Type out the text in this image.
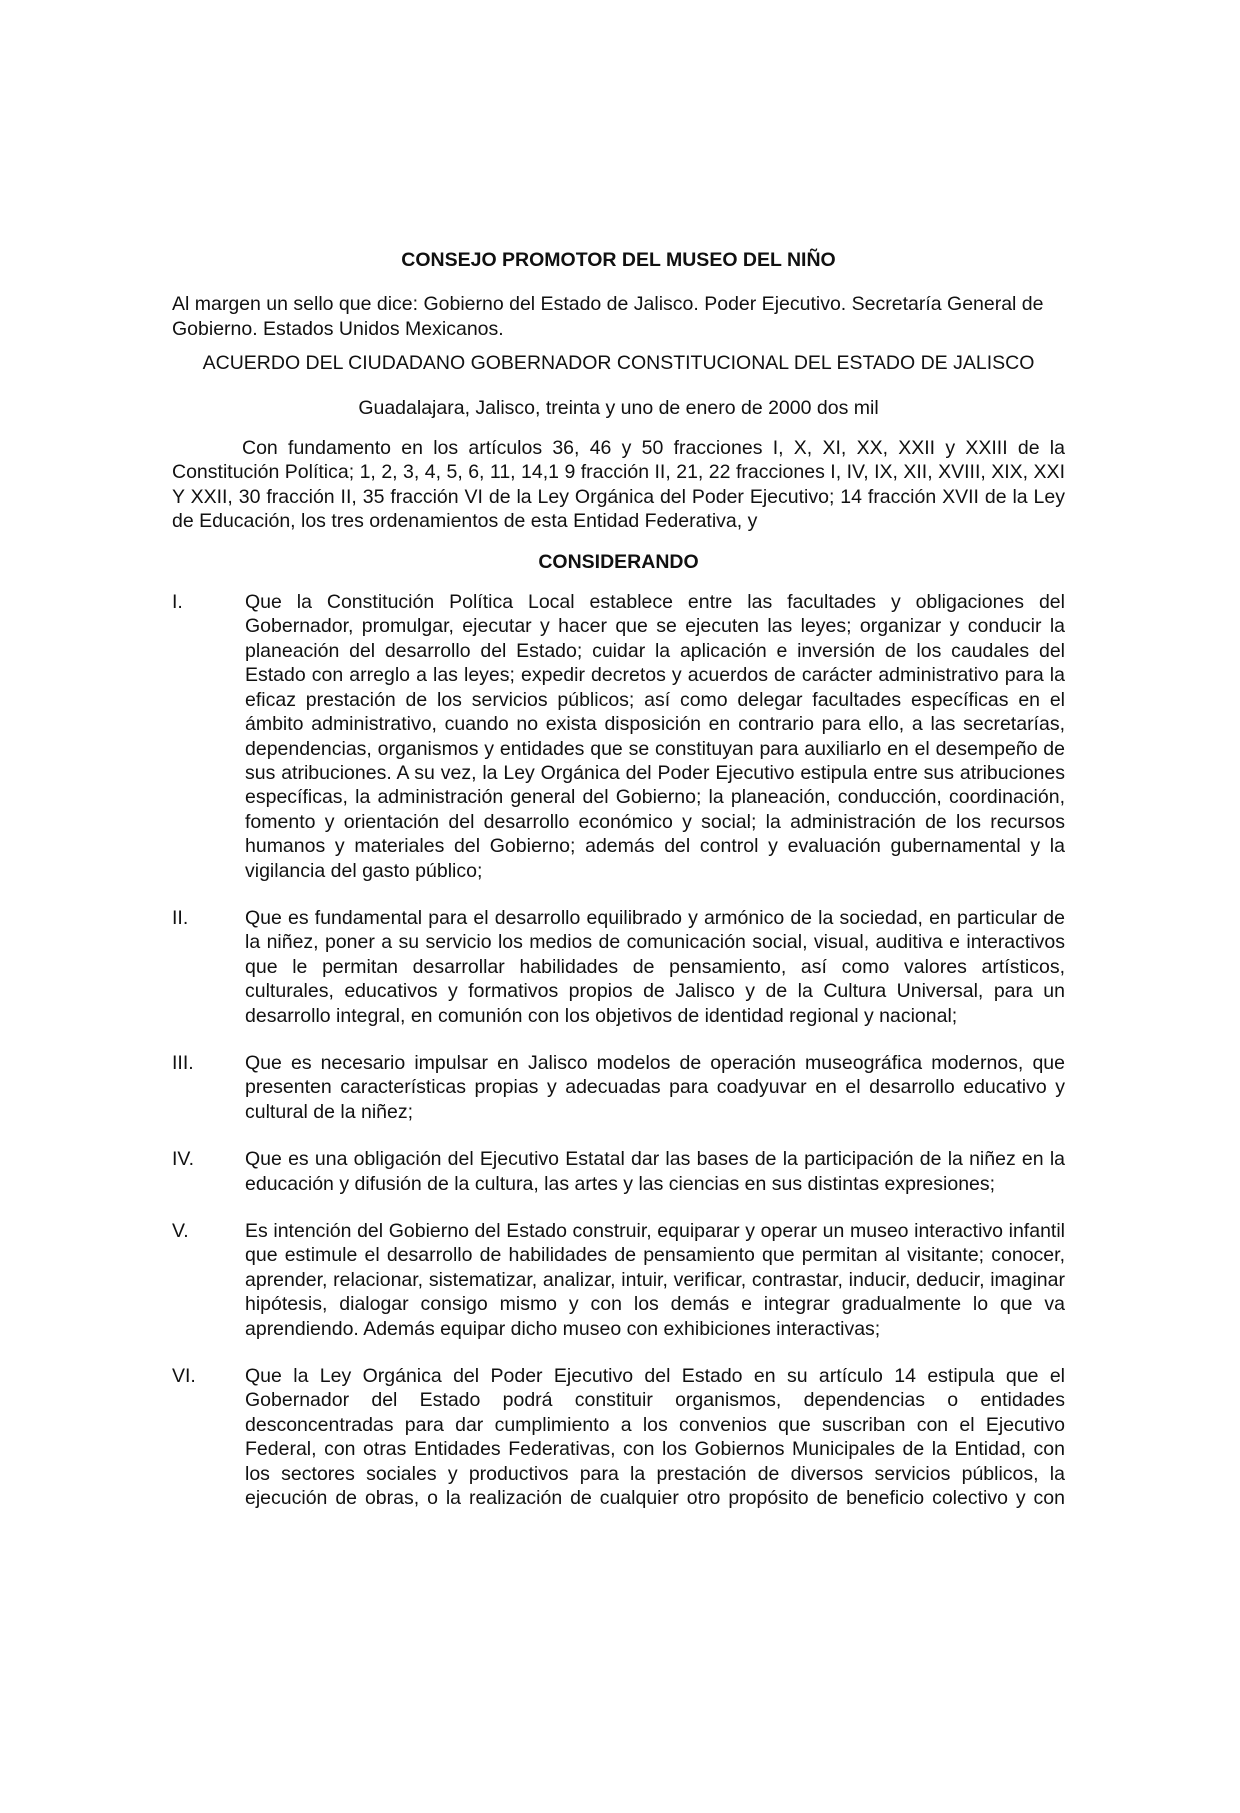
CONSEJO PROMOTOR DEL MUSEO DEL NIÑO
Al margen un sello que dice: Gobierno del Estado de Jalisco. Poder Ejecutivo. Secretaría General de Gobierno. Estados Unidos Mexicanos.
ACUERDO DEL CIUDADANO GOBERNADOR CONSTITUCIONAL DEL ESTADO DE JALISCO
Guadalajara, Jalisco, treinta y uno de enero de 2000 dos mil
Con fundamento en los artículos 36, 46 y 50 fracciones I, X, XI, XX, XXII y XXIII de la Constitución Política; 1, 2, 3, 4, 5, 6, 11, 14,1 9 fracción II, 21, 22 fracciones I, IV, IX, XII, XVIII, XIX, XXI Y XXII, 30 fracción II, 35 fracción VI de la Ley Orgánica del Poder Ejecutivo; 14 fracción XVII de la Ley de Educación, los tres ordenamientos de esta Entidad Federativa, y
CONSIDERANDO
I.	Que la Constitución Política Local establece entre las facultades y obligaciones del Gobernador, promulgar, ejecutar y hacer que se ejecuten las leyes; organizar y conducir la planeación del desarrollo del Estado; cuidar la aplicación e inversión de los caudales del Estado con arreglo a las leyes; expedir decretos y acuerdos de carácter administrativo para la eficaz prestación de los servicios públicos; así como delegar facultades específicas en el ámbito administrativo, cuando no exista disposición en contrario para ello, a las secretarías, dependencias, organismos y entidades que se constituyan para auxiliarlo en el desempeño de sus atribuciones. A su vez, la Ley Orgánica del Poder Ejecutivo estipula entre sus atribuciones específicas, la administración general del Gobierno; la planeación, conducción, coordinación, fomento y orientación del desarrollo económico y social; la administración de los recursos humanos y materiales del Gobierno; además del control y evaluación gubernamental y la vigilancia del gasto público;
II.	Que es fundamental para el desarrollo equilibrado y armónico de la sociedad, en particular de la niñez, poner a su servicio los medios de comunicación social, visual, auditiva e interactivos que le permitan desarrollar habilidades de pensamiento, así como valores artísticos, culturales, educativos y formativos propios de Jalisco y de la Cultura Universal, para un desarrollo integral, en comunión con los objetivos de identidad regional y nacional;
III.	Que es necesario impulsar en Jalisco modelos de operación museográfica modernos, que presenten características propias y adecuadas para coadyuvar en el desarrollo educativo y cultural de la niñez;
IV.	Que es una obligación del Ejecutivo Estatal dar las bases de la participación de la niñez en la educación y difusión de la cultura, las artes y las ciencias en sus distintas expresiones;
V.	Es intención del Gobierno del Estado construir, equiparar y operar un museo interactivo infantil que estimule el desarrollo de habilidades de pensamiento que permitan al visitante; conocer, aprender, relacionar, sistematizar, analizar, intuir, verificar, contrastar, inducir, deducir, imaginar hipótesis, dialogar consigo mismo y con los demás e integrar gradualmente lo que va aprendiendo. Además equipar dicho museo con exhibiciones interactivas;
VI.	Que la Ley Orgánica del Poder Ejecutivo del Estado en su artículo 14 estipula que el Gobernador del Estado podrá constituir organismos, dependencias o entidades desconcentradas para dar cumplimiento a los convenios que suscriban con el Ejecutivo Federal, con otras Entidades Federativas, con los Gobiernos Municipales de la Entidad, con los sectores sociales y productivos para la prestación de diversos servicios públicos, la ejecución de obras, o la realización de cualquier otro propósito de beneficio colectivo y con
